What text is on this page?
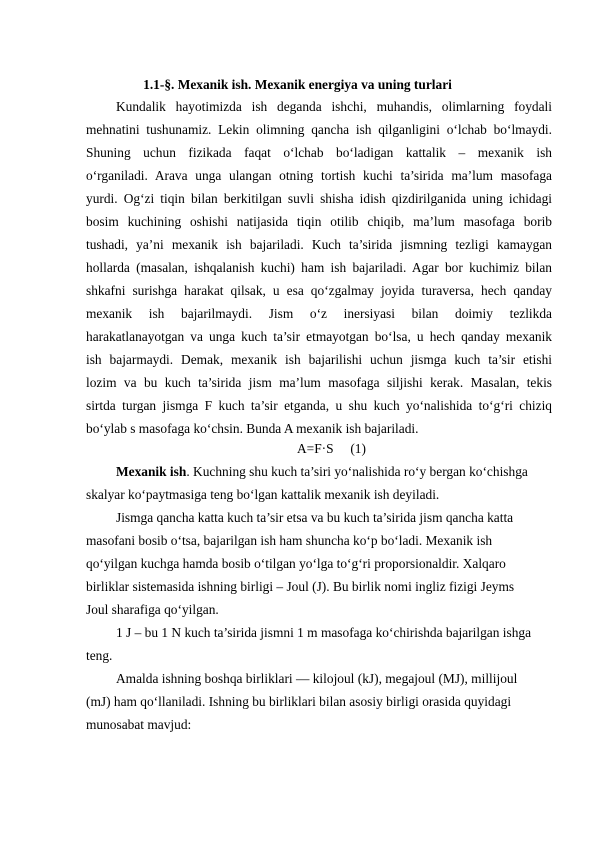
1.1-§. Mexanik ish. Mexanik energiya va uning turlari
Kundalik hayotimizda ish deganda ishchi, muhandis, olimlarning foydali
mehnatini tushunamiz. Lekin olimning qancha ish qilganligini o‘lchab bo‘lmaydi.
Shuning uchun fizikada faqat o‘lchab bo‘ladigan kattalik – mexanik ish
o‘rganiladi. Arava unga ulangan otning tortish kuchi ta’sirida ma’lum masofaga
yurdi. Og‘zi tiqin bilan berkitilgan suvli shisha idish qizdirilganida uning ichidagi
bosim kuchining oshishi natijasida tiqin otilib chiqib, ma’lum masofaga borib
tushadi, ya’ni mexanik ish bajariladi. Kuch ta’sirida jismning tezligi kamaygan
hollarda (masalan, ishqalanish kuchi) ham ish bajariladi. Agar bor kuchimiz bilan
shkafni surishga harakat qilsak, u esa qo‘zgalmay joyida turaversa, hech qanday
mexanik ish bajarilmaydi. Jism o‘z inersiyasi bilan doimiy tezlikda
harakatlanayotgan va unga kuch ta’sir etmayotgan bo‘lsa, u hech qanday mexanik
ish bajarmaydi. Demak, mexanik ish bajarilishi uchun jismga kuch ta’sir etishi
lozim va bu kuch ta’sirida jism ma’lum masofaga siljishi kerak. Masalan, tekis
sirtda turgan jismga F kuch ta’sir etganda, u shu kuch yo‘nalishida to‘g‘ri chiziq
bo‘ylab s masofaga ko‘chsin. Bunda A mexanik ish bajariladi.
A=F·S     (1)
Mexanik ish. Kuchning shu kuch ta’siri yo‘nalishida ro‘y bergan ko‘chishga
skalyar ko‘paytmasiga teng bo‘lgan kattalik mexanik ish deyiladi.
Jismga qancha katta kuch ta’sir etsa va bu kuch ta’sirida jism qancha katta
masofani bosib o‘tsa, bajarilgan ish ham shuncha ko‘p bo‘ladi. Mexanik ish
qo‘yilgan kuchga hamda bosib o‘tilgan yo‘lga to‘g‘ri proporsionaldir. Xalqaro
birliklar sistemasida ishning birligi – Joul (J). Bu birlik nomi ingliz fizigi Jeyms
Joul sharafiga qo‘yilgan.
1 J – bu 1 N kuch ta’sirida jismni 1 m masofaga ko‘chirishda bajarilgan ishga
teng.
Amalda ishning boshqa birliklari — kilojoul (kJ), megajoul (MJ), millijoul
(mJ) ham qo‘llaniladi. Ishning bu birliklari bilan asosiy birligi orasida quyidagi
munosabat mavjud:
